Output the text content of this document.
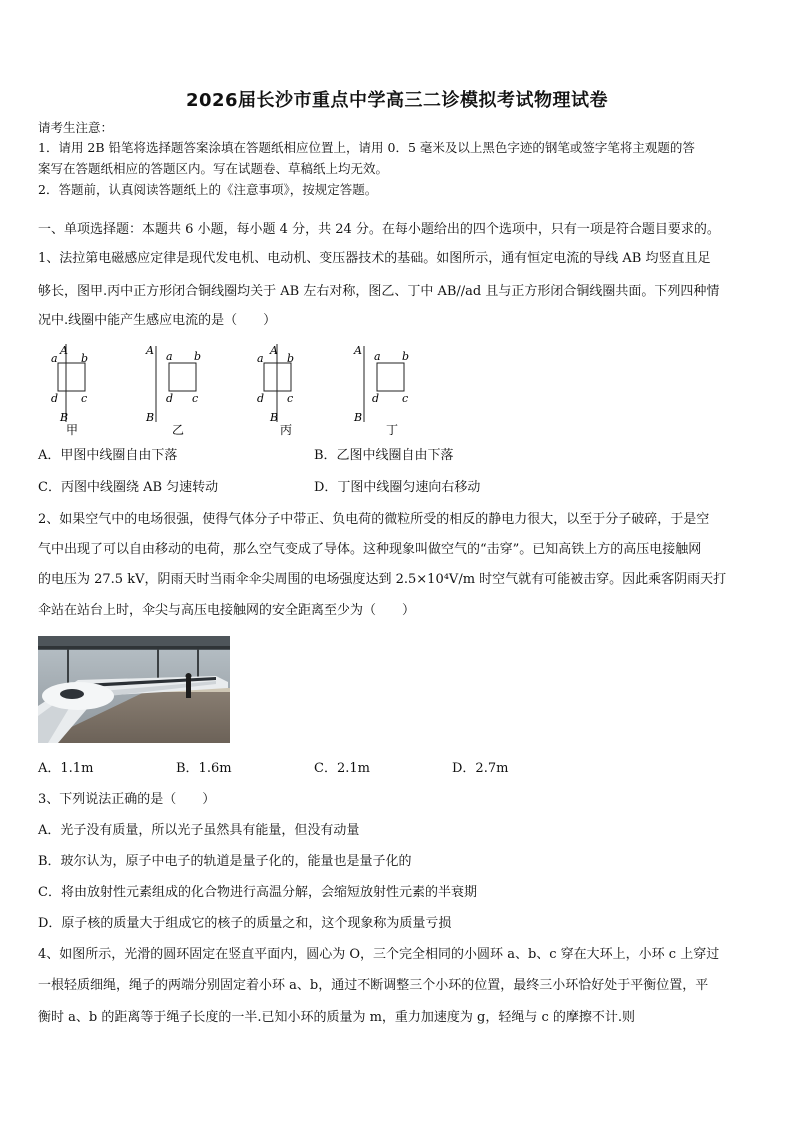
2026届长沙市重点中学高三二诊模拟考试物理试卷
请考生注意：
1．请用 2B 铅笔将选择题答案涂填在答题纸相应位置上，请用 0．5 毫米及以上黑色字迹的钢笔或签字笔将主观题的答
案写在答题纸相应的答题区内。写在试题卷、草稿纸上均无效。
2．答题前，认真阅读答题纸上的《注意事项》，按规定答题。
一、单项选择题：本题共 6 小题，每小题 4 分，共 24 分。在每小题给出的四个选项中，只有一项是符合题目要求的。
1、法拉第电磁感应定律是现代发电机、电动机、变压器技术的基础。如图所示，通有恒定电流的导线 AB 均竖直且足
够长，图甲.丙中正方形闭合铜线圈均关于 AB 左右对称，图乙、丁中 AB//ad 且与正方形闭合铜线圈共面。下列四种情
况中.线圈中能产生感应电流的是（　　）
A
a b
d c
B
甲
A a b
d c
B
乙
A
a b
d c
B
丙
A a b
d c
B
丁
A．甲图中线圈自由下落	B．乙图中线圈自由下落
C．丙图中线圈绕 AB 匀速转动	D．丁图中线圈匀速向右移动
2、如果空气中的电场很强，使得气体分子中带正、负电荷的微粒所受的相反的静电力很大，以至于分子破碎，于是空
气中出现了可以自由移动的电荷，那么空气变成了导体。这种现象叫做空气的“击穿”。已知高铁上方的高压电接触网
的电压为 27.5 kV，阴雨天时当雨伞伞尖周围的电场强度达到 2.5×10⁴V/m 时空气就有可能被击穿。因此乘客阴雨天打
伞站在站台上时，伞尖与高压电接触网的安全距离至少为（　　）
A．1.1m	B．1.6m	C．2.1m	D．2.7m
3、下列说法正确的是（　　）
A．光子没有质量，所以光子虽然具有能量，但没有动量
B．玻尔认为，原子中电子的轨道是量子化的，能量也是量子化的
C．将由放射性元素组成的化合物进行高温分解，会缩短放射性元素的半衰期
D．原子核的质量大于组成它的核子的质量之和，这个现象称为质量亏损
4、如图所示，光滑的圆环固定在竖直平面内，圆心为 O，三个完全相同的小圆环 a、b、c 穿在大环上，小环 c 上穿过
一根轻质细绳，绳子的两端分别固定着小环 a、b，通过不断调整三个小环的位置，最终三小环恰好处于平衡位置，平
衡时 a、b 的距离等于绳子长度的一半.已知小环的质量为 m，重力加速度为 g，轻绳与 c 的摩擦不计.则
